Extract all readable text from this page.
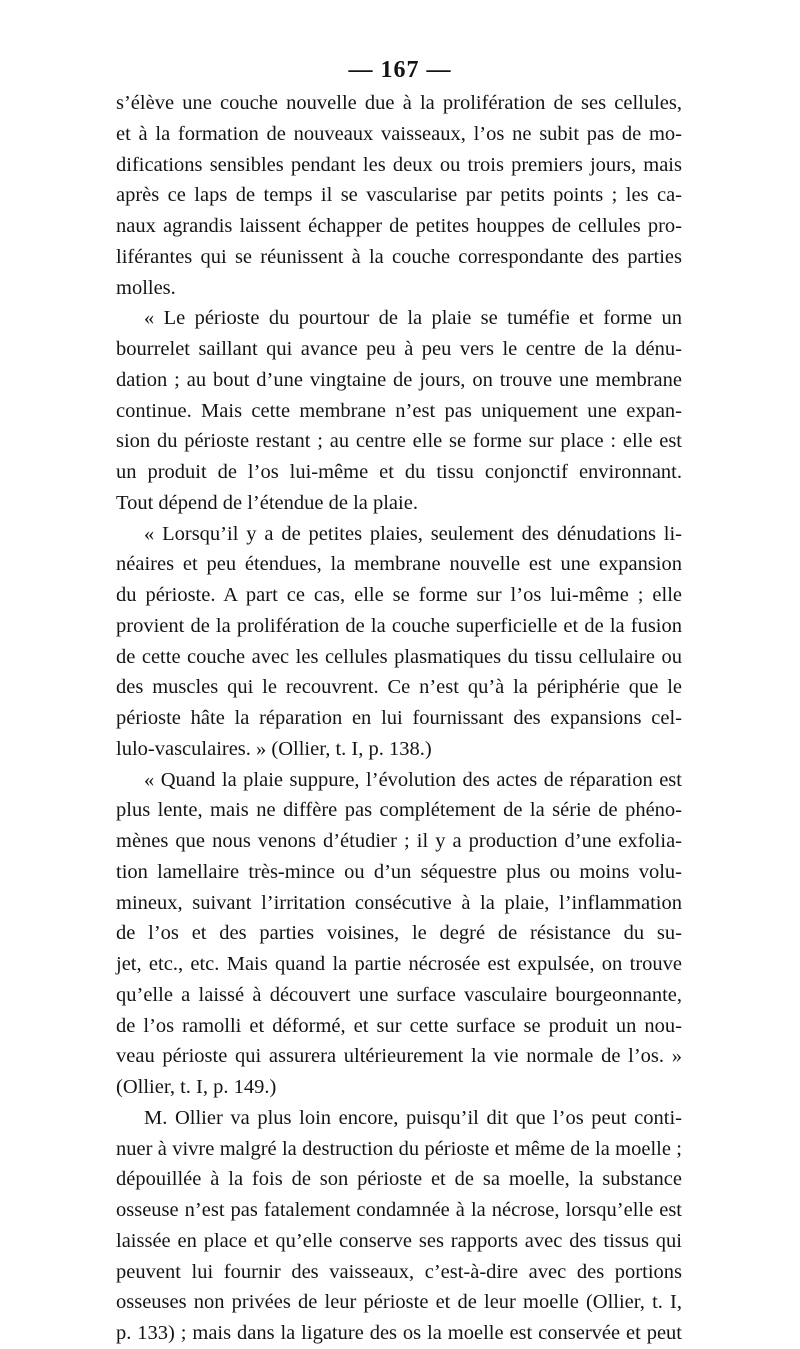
— 167 —
s’élève une couche nouvelle due à la prolifération de ses cellules,
et à la formation de nouveaux vaisseaux, l’os ne subit pas de mo-
difications sensibles pendant les deux ou trois premiers jours, mais
après ce laps de temps il se vascularise par petits points ; les ca-
naux agrandis laissent échapper de petites houppes de cellules pro-
liférantes qui se réunissent à la couche correspondante des parties
molles.
« Le périoste du pourtour de la plaie se tuméfie et forme un
bourrelet saillant qui avance peu à peu vers le centre de la dénu-
dation ; au bout d’une vingtaine de jours, on trouve une membrane
continue. Mais cette membrane n’est pas uniquement une expan-
sion du périoste restant ; au centre elle se forme sur place : elle est
un produit de l’os lui-même et du tissu conjonctif environnant.
Tout dépend de l’étendue de la plaie.
« Lorsqu’il y a de petites plaies, seulement des dénudations li-
néaires et peu étendues, la membrane nouvelle est une expansion
du périoste. A part ce cas, elle se forme sur l’os lui-même ; elle
provient de la prolifération de la couche superficielle et de la fusion
de cette couche avec les cellules plasmatiques du tissu cellulaire ou
des muscles qui le recouvrent. Ce n’est qu’à la périphérie que le
périoste hâte la réparation en lui fournissant des expansions cel-
lulo-vasculaires. » (Ollier, t. I, p. 138.)
« Quand la plaie suppure, l’évolution des actes de réparation est
plus lente, mais ne diffère pas complétement de la série de phéno-
mènes que nous venons d’étudier ; il y a production d’une exfolia-
tion lamellaire très-mince ou d’un séquestre plus ou moins volu-
mineux, suivant l’irritation consécutive à la plaie, l’inflammation
de l’os et des parties voisines, le degré de résistance du su-
jet, etc., etc. Mais quand la partie nécrosée est expulsée, on trouve
qu’elle a laissé à découvert une surface vasculaire bourgeonnante,
de l’os ramolli et déformé, et sur cette surface se produit un nou-
veau périoste qui assurera ultérieurement la vie normale de l’os. »
(Ollier, t. I, p. 149.)
M. Ollier va plus loin encore, puisqu’il dit que l’os peut conti-
nuer à vivre malgré la destruction du périoste et même de la moelle ;
dépouillée à la fois de son périoste et de sa moelle, la substance
osseuse n’est pas fatalement condamnée à la nécrose, lorsqu’elle est
laissée en place et qu’elle conserve ses rapports avec des tissus qui
peuvent lui fournir des vaisseaux, c’est-à-dire avec des portions
osseuses non privées de leur périoste et de leur moelle (Ollier, t. I,
p. 133) ; mais dans la ligature des os la moelle est conservée et peut
